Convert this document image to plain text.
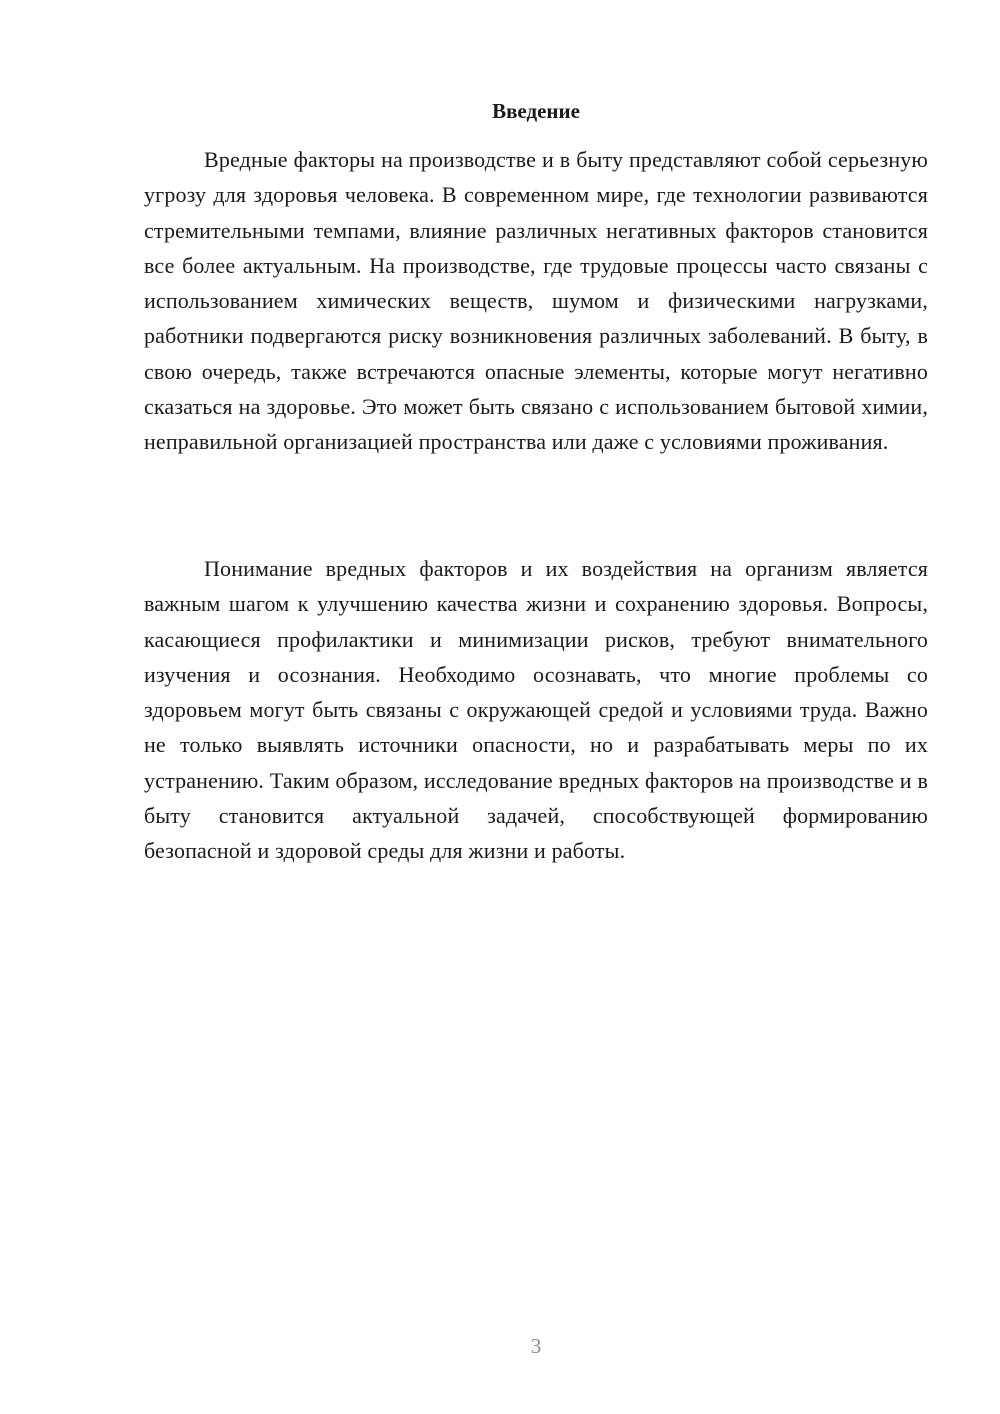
Введение

Вредные факторы на производстве и в быту представляют собой серьезную угрозу для здоровья человека. В современном мире, где технологии развиваются стремительными темпами, влияние различных негативных факторов становится все более актуальным. На производстве, где трудовые процессы часто связаны с использованием химических веществ, шумом и физическими нагрузками, работники подвергаются риску возникновения различных заболеваний. В быту, в свою очередь, также встречаются опасные элементы, которые могут негативно сказаться на здоровье. Это может быть связано с использованием бытовой химии, неправильной организацией пространства или даже с условиями проживания.

Понимание вредных факторов и их воздействия на организм является важным шагом к улучшению качества жизни и сохранению здоровья. Вопросы, касающиеся профилактики и минимизации рисков, требуют внимательного изучения и осознания. Необходимо осознавать, что многие проблемы со здоровьем могут быть связаны с окружающей средой и условиями труда. Важно не только выявлять источники опасности, но и разрабатывать меры по их устранению. Таким образом, исследование вредных факторов на производстве и в быту становится актуальной задачей, способствующей формированию безопасной и здоровой среды для жизни и работы.

3
